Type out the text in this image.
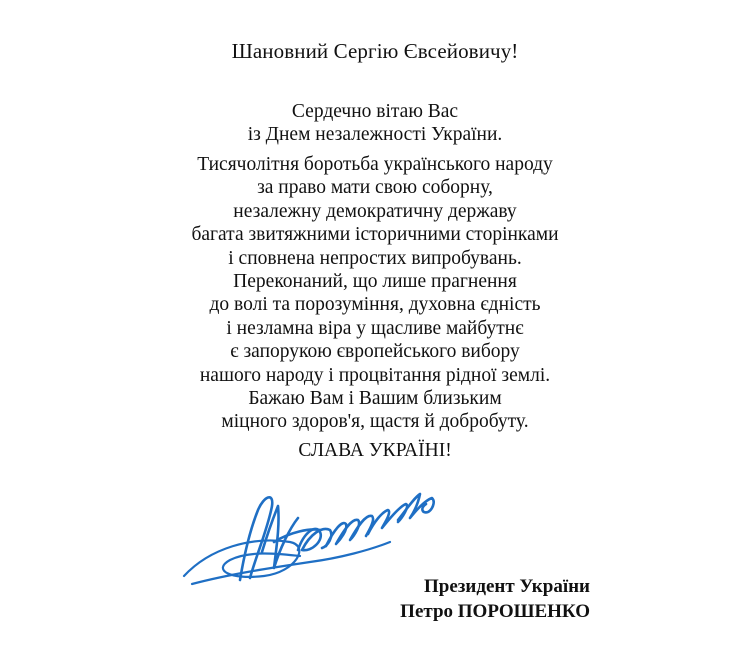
Шановний Сергію Євсейовичу!
Сердечно вітаю Вас
із Днем незалежності України.
Тисячолітня боротьба українського народу
за право мати свою соборну,
незалежну демократичну державу
багата звитяжними історичними сторінками
і сповнена непростих випробувань.
Переконаний, що лише прагнення
до волі та порозуміння, духовна єдність
і незламна віра у щасливе майбутнє
є запорукою європейського вибору
нашого народу і процвітання рідної землі.
Бажаю Вам і Вашим близьким
міцного здоров'я, щастя й добробуту.
СЛАВА УКРАЇНІ!
Президент України
Петро ПОРОШЕНКО
